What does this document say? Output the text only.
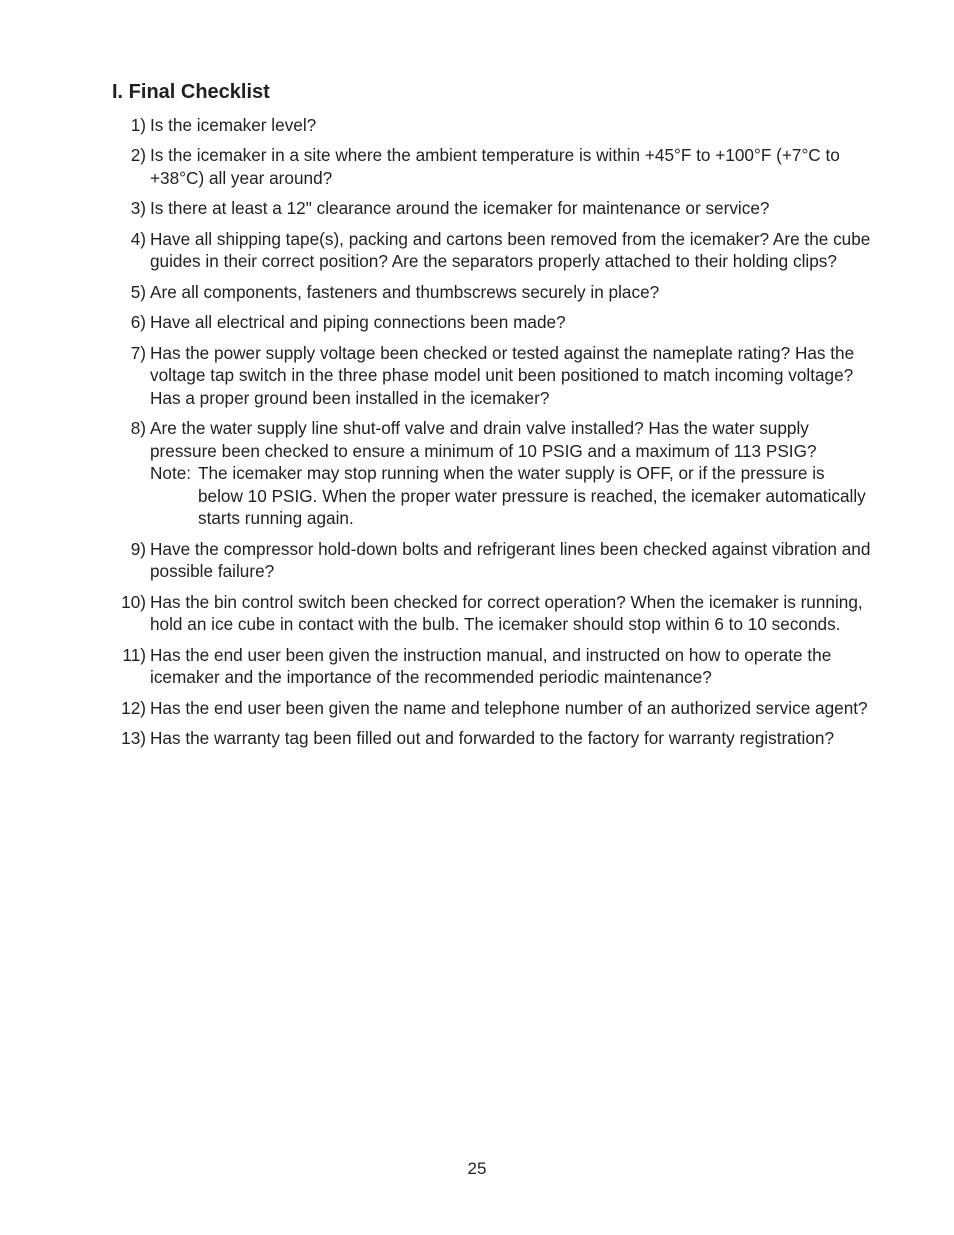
I. Final Checklist
1) Is the icemaker level?
2) Is the icemaker in a site where the ambient temperature is within +45°F to +100°F (+7°C to +38°C) all year around?
3) Is there at least a 12" clearance around the icemaker for maintenance or service?
4) Have all shipping tape(s), packing and cartons been removed from the icemaker? Are the cube guides in their correct position? Are the separators properly attached to their holding clips?
5) Are all components, fasteners and thumbscrews securely in place?
6) Have all electrical and piping connections been made?
7) Has the power supply voltage been checked or tested against the nameplate rating? Has the voltage tap switch in the three phase model unit been positioned to match incoming voltage? Has a proper ground been installed in the icemaker?
8) Are the water supply line shut-off valve and drain valve installed? Has the water supply pressure been checked to ensure a minimum of 10 PSIG and a maximum of 113 PSIG?
Note: The icemaker may stop running when the water supply is OFF, or if the pressure is below 10 PSIG. When the proper water pressure is reached, the icemaker automatically starts running again.
9) Have the compressor hold-down bolts and refrigerant lines been checked against vibration and possible failure?
10) Has the bin control switch been checked for correct operation? When the icemaker is running, hold an ice cube in contact with the bulb. The icemaker should stop within 6 to 10 seconds.
11) Has the end user been given the instruction manual, and instructed on how to operate the icemaker and the importance of the recommended periodic maintenance?
12) Has the end user been given the name and telephone number of an authorized service agent?
13) Has the warranty tag been filled out and forwarded to the factory for warranty registration?
25
